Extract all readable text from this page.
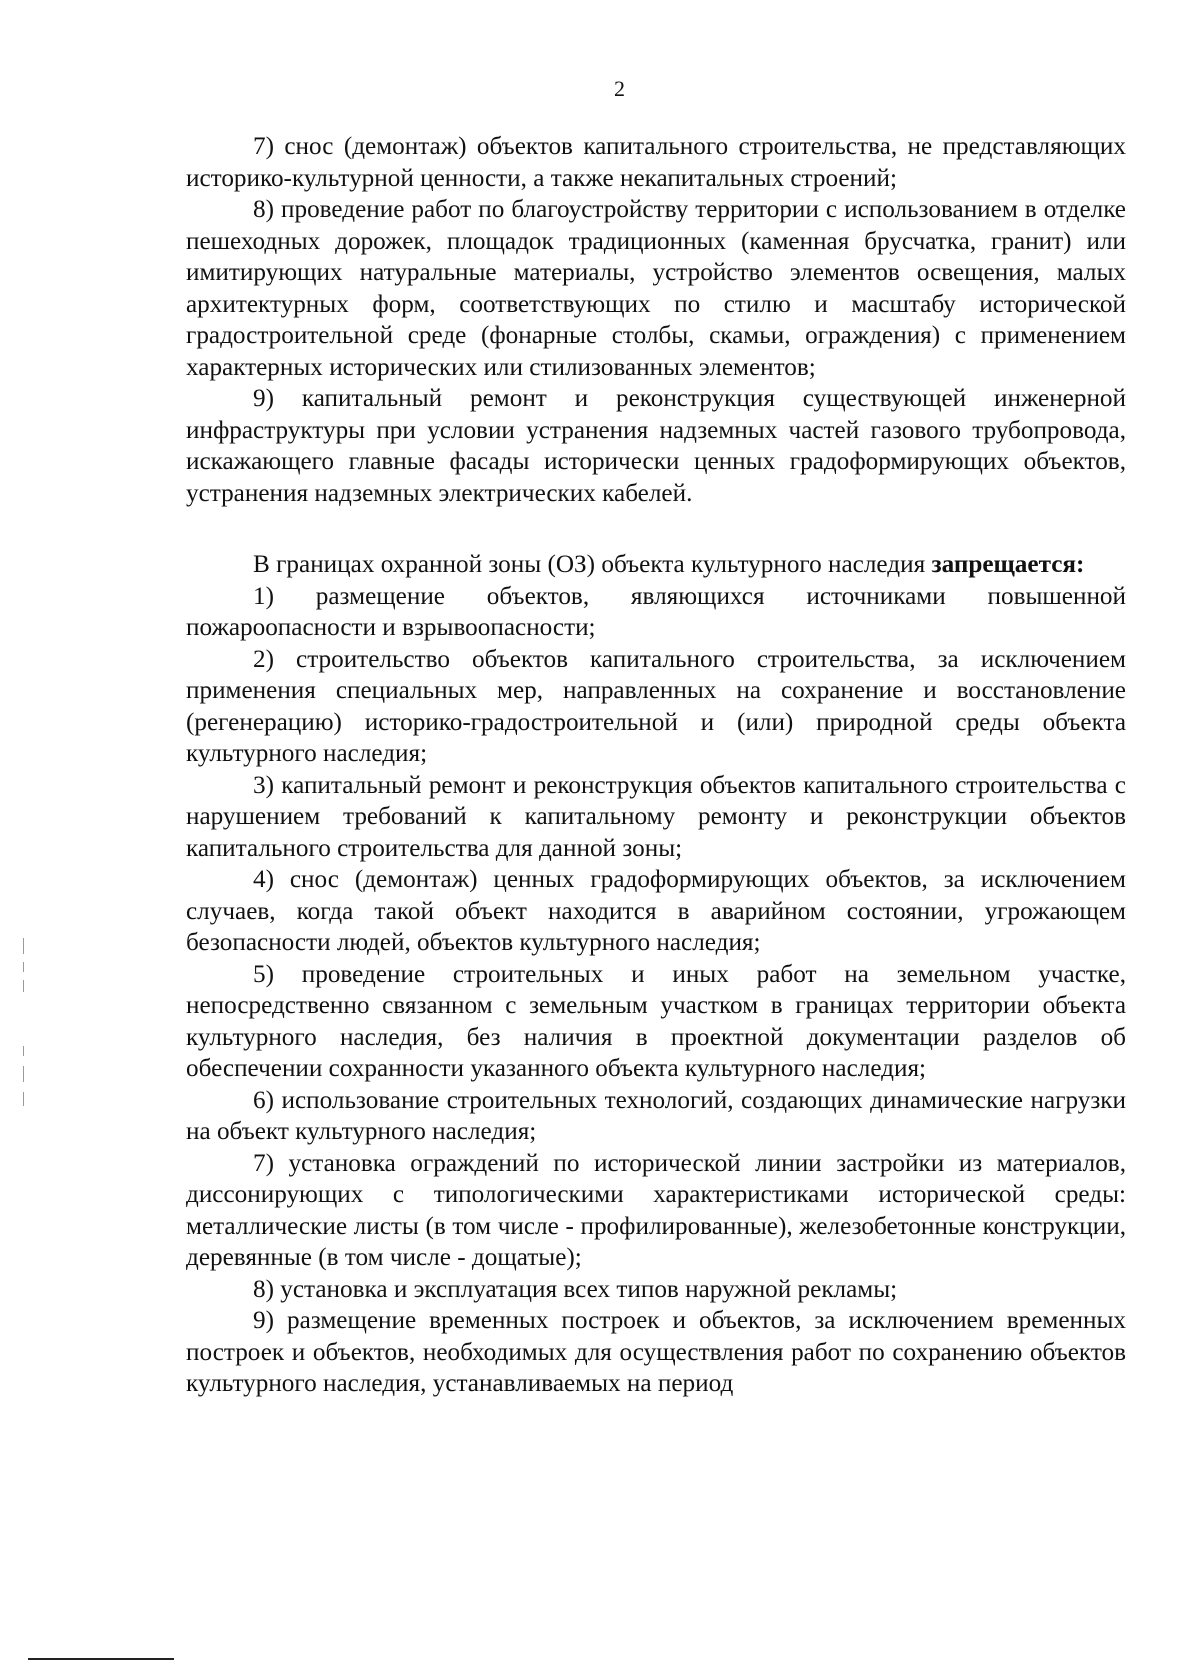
2

7) снос (демонтаж) объектов капитального строительства, не представляющих историко-культурной ценности, а также некапитальных строений;

8) проведение работ по благоустройству территории с использованием в отделке пешеходных дорожек, площадок традиционных (каменная брусчатка, гранит) или имитирующих натуральные материалы, устройство элементов освещения, малых архитектурных форм, соответствующих по стилю и масштабу исторической градостроительной среде (фонарные столбы, скамьи, ограждения) с применением характерных исторических или стилизованных элементов;

9) капитальный ремонт и реконструкция существующей инженерной инфраструктуры при условии устранения надземных частей газового трубопровода, искажающего главные фасады исторически ценных градоформирующих объектов, устранения надземных электрических кабелей.

В границах охранной зоны (ОЗ) объекта культурного наследия запрещается:

1) размещение объектов, являющихся источниками повышенной пожароопасности и взрывоопасности;

2) строительство объектов капитального строительства, за исключением применения специальных мер, направленных на сохранение и восстановление (регенерацию) историко-градостроительной и (или) природной среды объекта культурного наследия;

3) капитальный ремонт и реконструкция объектов капитального строительства с нарушением требований к капитальному ремонту и реконструкции объектов капитального строительства для данной зоны;

4) снос (демонтаж) ценных градоформирующих объектов, за исключением случаев, когда такой объект находится в аварийном состоянии, угрожающем безопасности людей, объектов культурного наследия;

5) проведение строительных и иных работ на земельном участке, непосредственно связанном с земельным участком в границах территории объекта культурного наследия, без наличия в проектной документации разделов об обеспечении сохранности указанного объекта культурного наследия;

6) использование строительных технологий, создающих динамические нагрузки на объект культурного наследия;

7) установка ограждений по исторической линии застройки из материалов, диссонирующих с типологическими характеристиками исторической среды: металлические листы (в том числе - профилированные), железобетонные конструкции, деревянные (в том числе - дощатые);

8) установка и эксплуатация всех типов наружной рекламы;

9) размещение временных построек и объектов, за исключением временных построек и объектов, необходимых для осуществления работ по сохранению объектов культурного наследия, устанавливаемых на период
